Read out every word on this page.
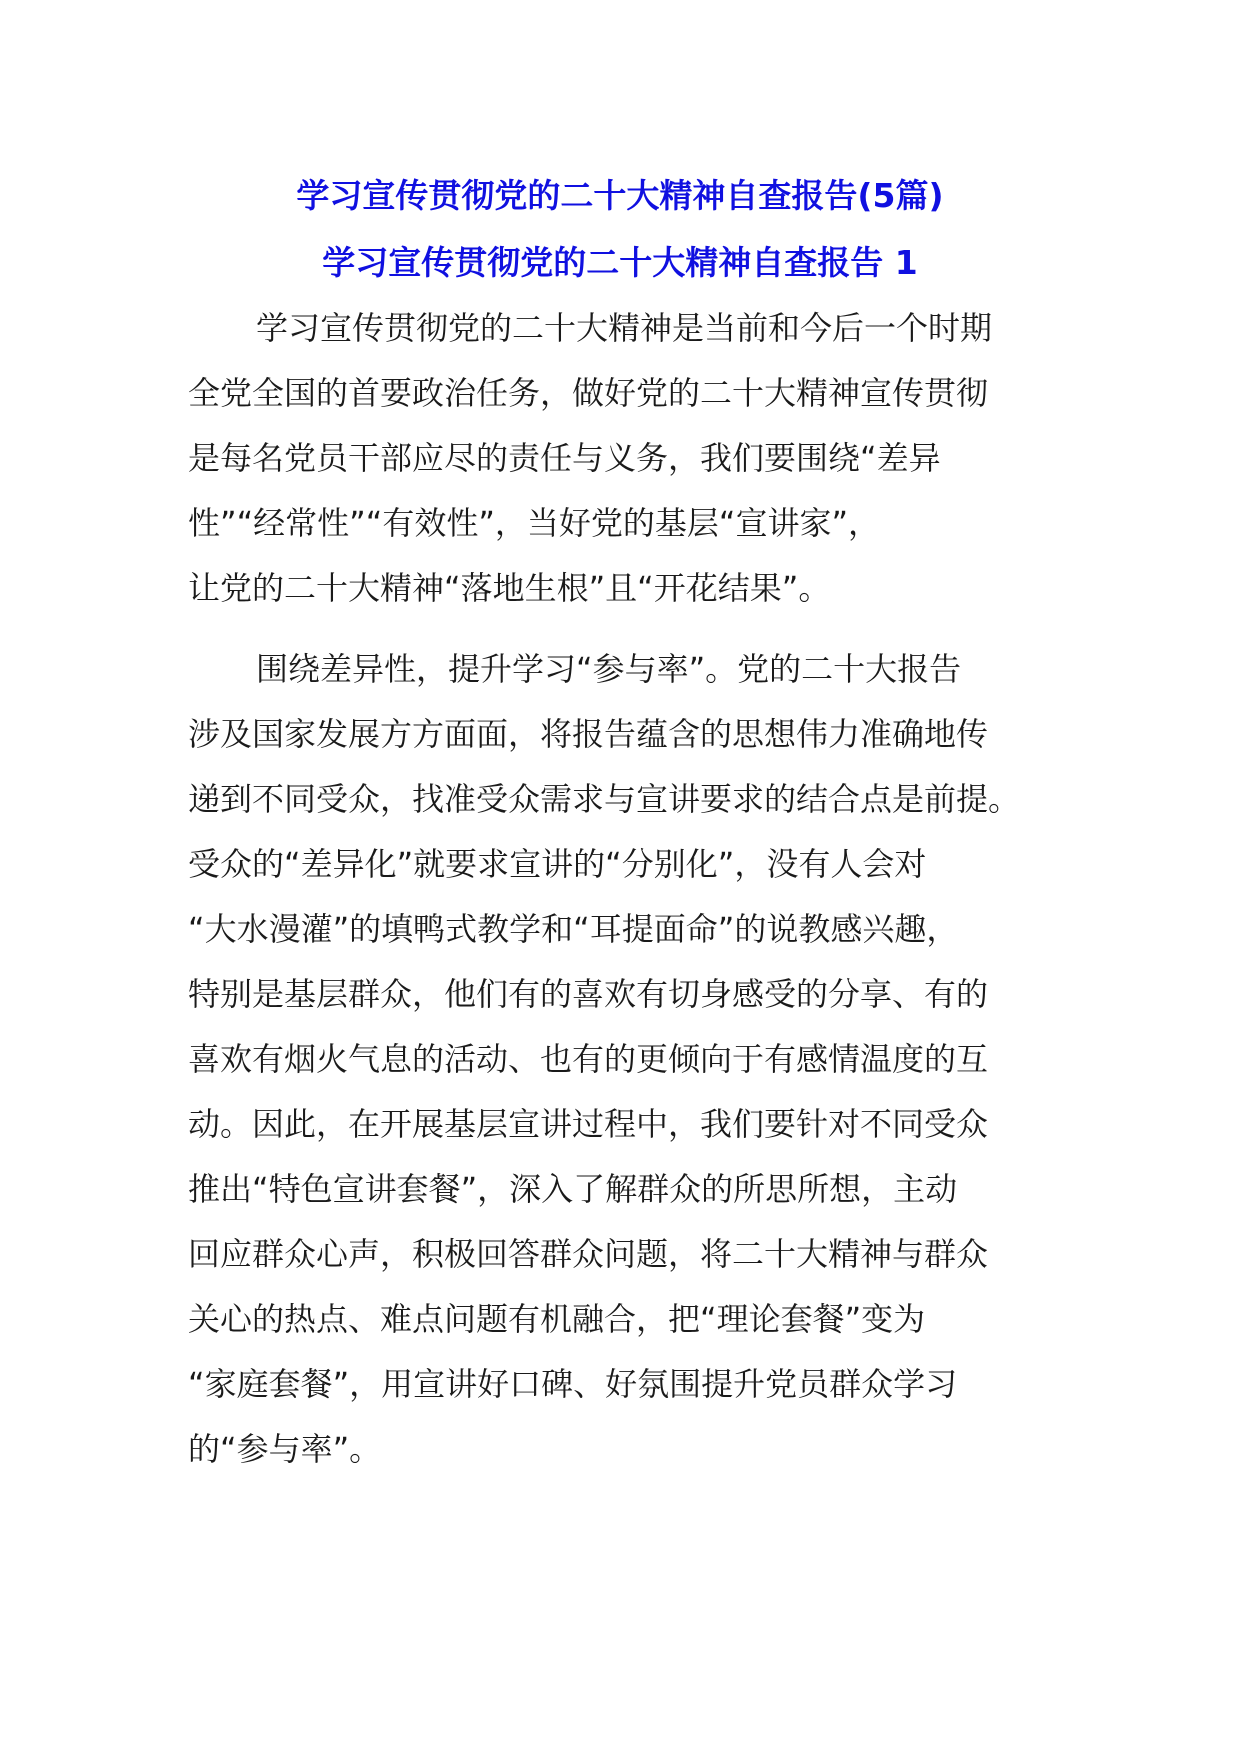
学习宣传贯彻党的二十大精神自查报告(5篇)
学习宣传贯彻党的二十大精神自查报告 1
学习宣传贯彻党的二十大精神是当前和今后一个时期
全党全国的首要政治任务，做好党的二十大精神宣传贯彻
是每名党员干部应尽的责任与义务，我们要围绕“差异
性”“经常性”“有效性”，当好党的基层“宣讲家”，
让党的二十大精神“落地生根”且“开花结果”。
围绕差异性，提升学习“参与率”。党的二十大报告
涉及国家发展方方面面，将报告蕴含的思想伟力准确地传
递到不同受众，找准受众需求与宣讲要求的结合点是前提。
受众的“差异化”就要求宣讲的“分别化”，没有人会对
“大水漫灌”的填鸭式教学和“耳提面命”的说教感兴趣，
特别是基层群众，他们有的喜欢有切身感受的分享、有的
喜欢有烟火气息的活动、也有的更倾向于有感情温度的互
动。因此，在开展基层宣讲过程中，我们要针对不同受众
推出“特色宣讲套餐”，深入了解群众的所思所想，主动
回应群众心声，积极回答群众问题，将二十大精神与群众
关心的热点、难点问题有机融合，把“理论套餐”变为
“家庭套餐”，用宣讲好口碑、好氛围提升党员群众学习
的“参与率”。
